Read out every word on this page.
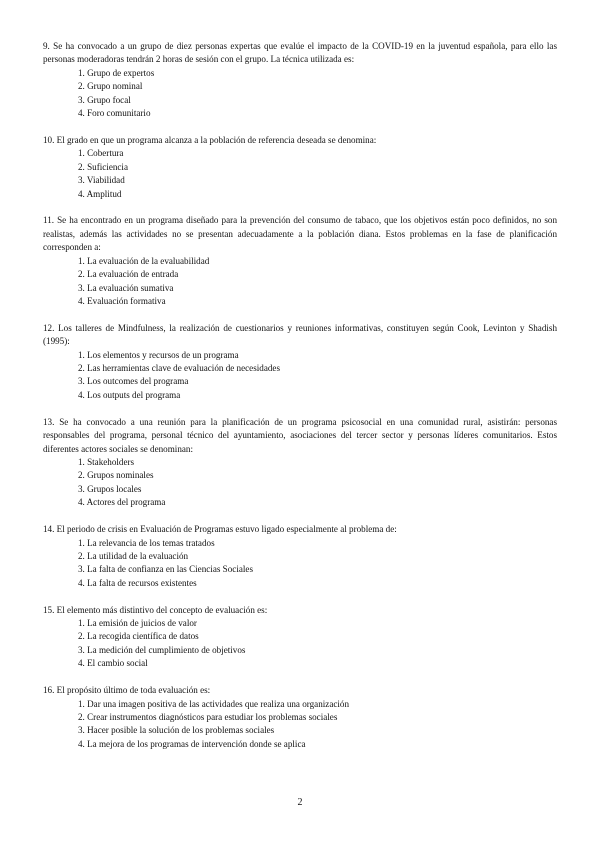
9. Se ha convocado a un grupo de diez personas expertas que evalúe el impacto de la COVID-19 en la juventud española, para ello las personas moderadoras tendrán 2 horas de sesión con el grupo. La técnica utilizada es:

1. Grupo de expertos
2. Grupo nominal
3. Grupo focal
4. Foro comunitario

10. El grado en que un programa alcanza a la población de referencia deseada se denomina:

1. Cobertura
2. Suficiencia
3. Viabilidad
4. Amplitud

11. Se ha encontrado en un programa diseñado para la prevención del consumo de tabaco, que los objetivos están poco definidos, no son realistas, además las actividades no se presentan adecuadamente a la población diana. Estos problemas en la fase de planificación corresponden a:

1. La evaluación de la evaluabilidad
2. La evaluación de entrada
3. La evaluación sumativa
4. Evaluación formativa

12. Los talleres de Mindfulness, la realización de cuestionarios y reuniones informativas, constituyen según Cook, Levinton y Shadish (1995):

1. Los elementos y recursos de un programa
2. Las herramientas clave de evaluación de necesidades
3. Los outcomes del programa
4. Los outputs del programa

13. Se ha convocado a una reunión para la planificación de un programa psicosocial en una comunidad rural, asistirán: personas responsables del programa, personal técnico del ayuntamiento, asociaciones del tercer sector y personas líderes comunitarios. Estos diferentes actores sociales se denominan:

1. Stakeholders
2. Grupos nominales
3. Grupos locales
4. Actores del programa

14. El periodo de crisis en Evaluación de Programas estuvo ligado especialmente al problema de:

1. La relevancia de los temas tratados
2. La utilidad de la evaluación
3. La falta de confianza en las Ciencias Sociales
4. La falta de recursos existentes

15. El elemento más distintivo del concepto de evaluación es:

1. La emisión de juicios de valor
2. La recogida científica de datos
3. La medición del cumplimiento de objetivos
4. El cambio social

16. El propósito último de toda evaluación es:

1. Dar una imagen positiva de las actividades que realiza una organización
2. Crear instrumentos diagnósticos para estudiar los problemas sociales
3. Hacer posible la solución de los problemas sociales
4. La mejora de los programas de intervención donde se aplica
2
